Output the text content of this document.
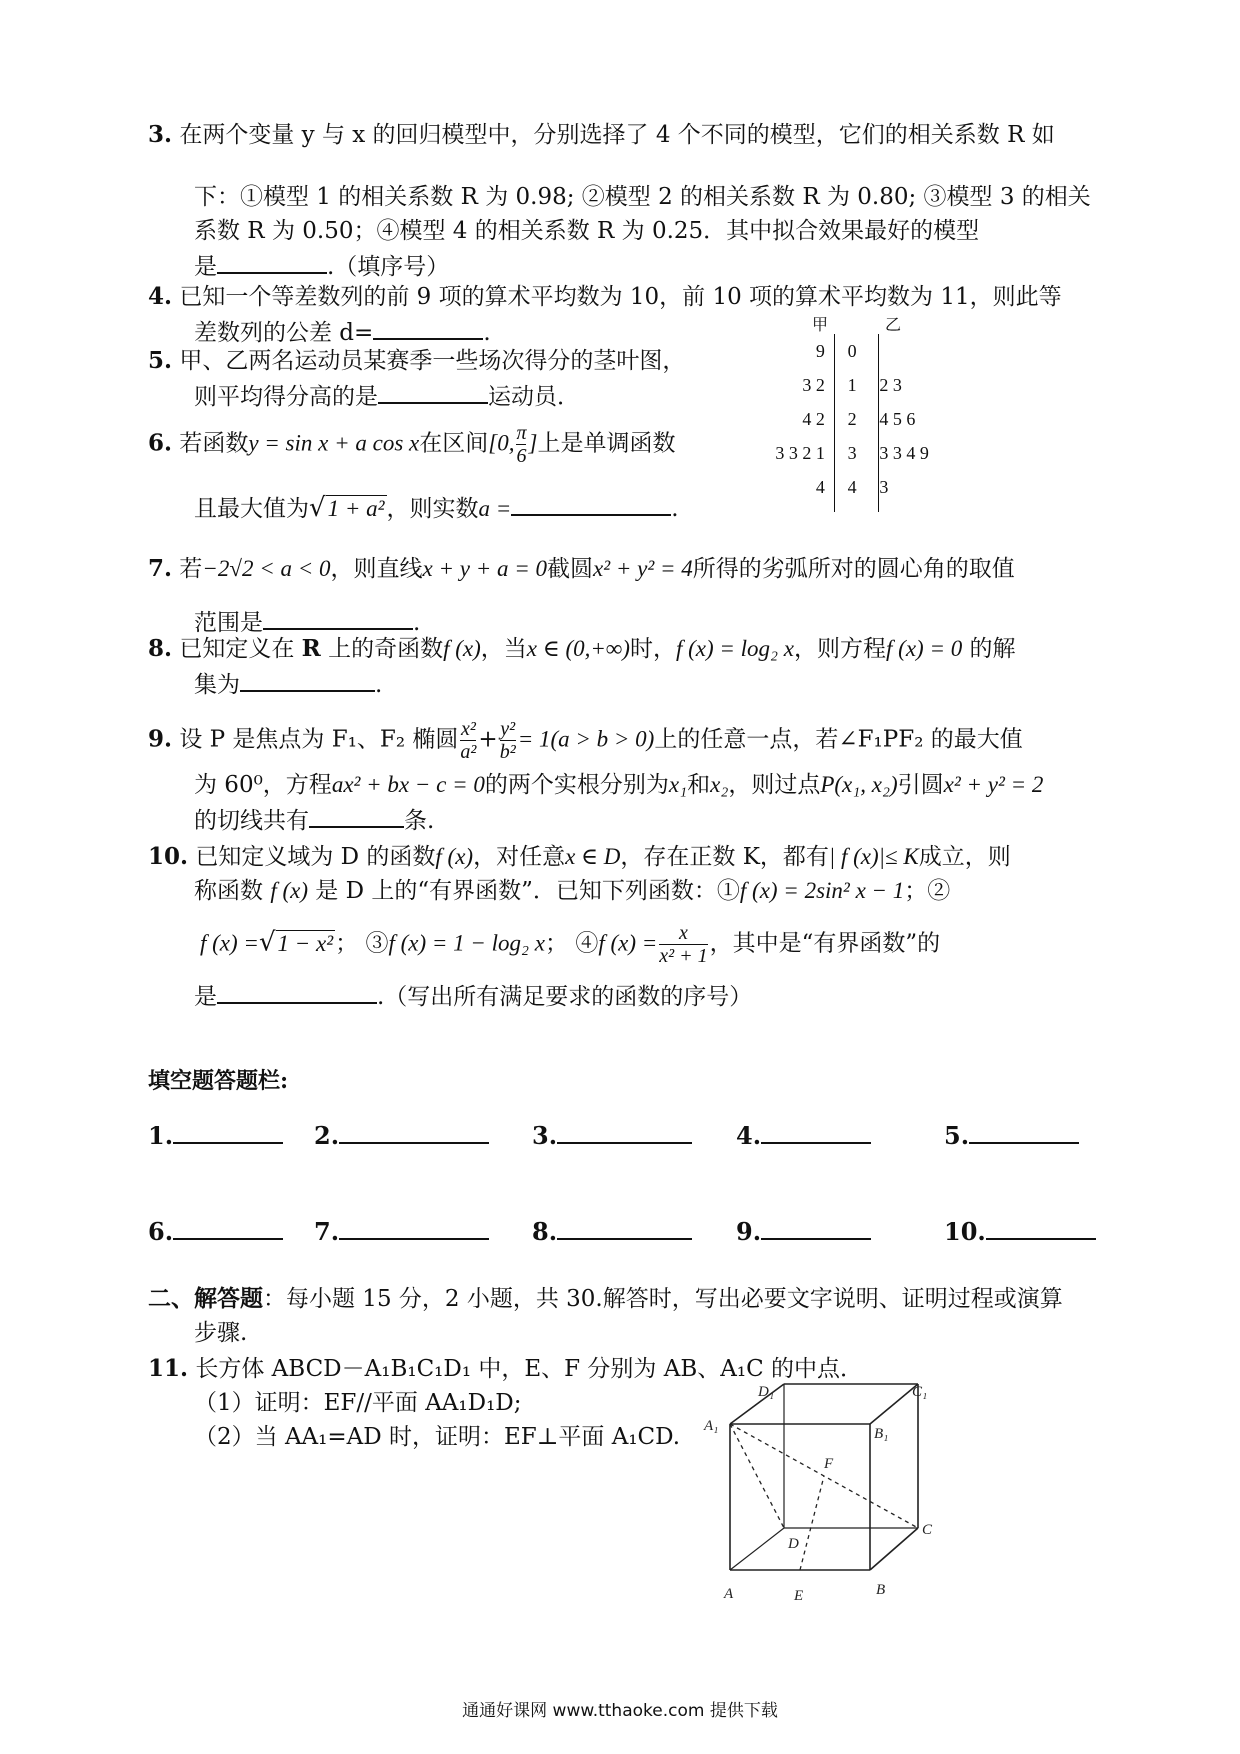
3. 在两个变量 y 与 x 的回归模型中，分别选择了 4 个不同的模型，它们的相关系数 R 如
下：①模型 1 的相关系数 R 为 0.98; ②模型 2 的相关系数 R 为 0.80; ③模型 3 的相关
系数 R 为 0.50；④模型 4 的相关系数 R 为 0.25．其中拟合效果最好的模型
是	.（填序号）
4. 已知一个等差数列的前 9 项的算术平均数为 10，前 10 项的算术平均数为 11，则此等
差数列的公差 d=	.
5. 甲、乙两名运动员某赛季一些场次得分的茎叶图，
则平均得分高的是	运动员．
6. 若函数y = sin x + a cos x在区间[0, $\frac{\pi}{6}$ ]上是单调函数
且最大值为√1 + a²，则实数a =	.
甲	乙
9	0	
3 2	1	2 3
4 2	2	4 5 6
3 3 2 1	3	3 3 4 9
4	4	3
7. 若−2√2 < a < 0，则直线x + y + a = 0截圆x² + y² = 4所得的劣弧所对的圆心角的取值
范围是	.
8. 已知定义在 R 上的奇函数f (x)，当x ∈ (0,+∞)时，f (x) = log₂ x，则方程f (x) = 0 的解
集为	.
9. 设 P 是焦点为 F₁、F₂ 椭圆 $\frac{\text{x²}}{\text{a²}} + \frac{\text{y²}}{\text{b²}} = 1(a > b > 0)$上的任意一点，若∠F₁PF₂ 的最大值
为 60⁰，方程ax² + bx − c = 0的两个实根分别为x₁和x₂，则过点P(x₁, x₂)引圆x² + y² = 2
的切线共有	条.
10. 已知定义域为 D 的函数f (x)，对任意x ∈ D，存在正数 K，都有| f (x)|≤ K成立，则
称函数 f (x) 是 D 上的“有界函数”．已知下列函数：①f (x) = 2sin² x − 1；②
f (x) =√1 − x²； ③f (x) = 1 − log₂ x； ④f $(x) = \frac{x}{\text{x² + 1}}$ ，其中是“有界函数”的
是	.（写出所有满足要求的函数的序号）
填空题答题栏:
1.	2.	3.	4.	5.
6.	7.	8.	9.	10.
二、解答题：每小题 15 分，2 小题，共 30.解答时，写出必要文字说明、证明过程或演算
步骤.
11. 长方体 ABCD－A₁B₁C₁D₁ 中，E、F 分别为 AB、A₁C 的中点．
（1）证明：EF//平面 AA₁D₁D;
（2）当 AA₁=AD 时，证明：EF⊥平面 A₁CD.
A	E	B
C
D
F
A₁	B₁
C₁
D₁
通通好课网 www.tthaoke.com 提供下载
